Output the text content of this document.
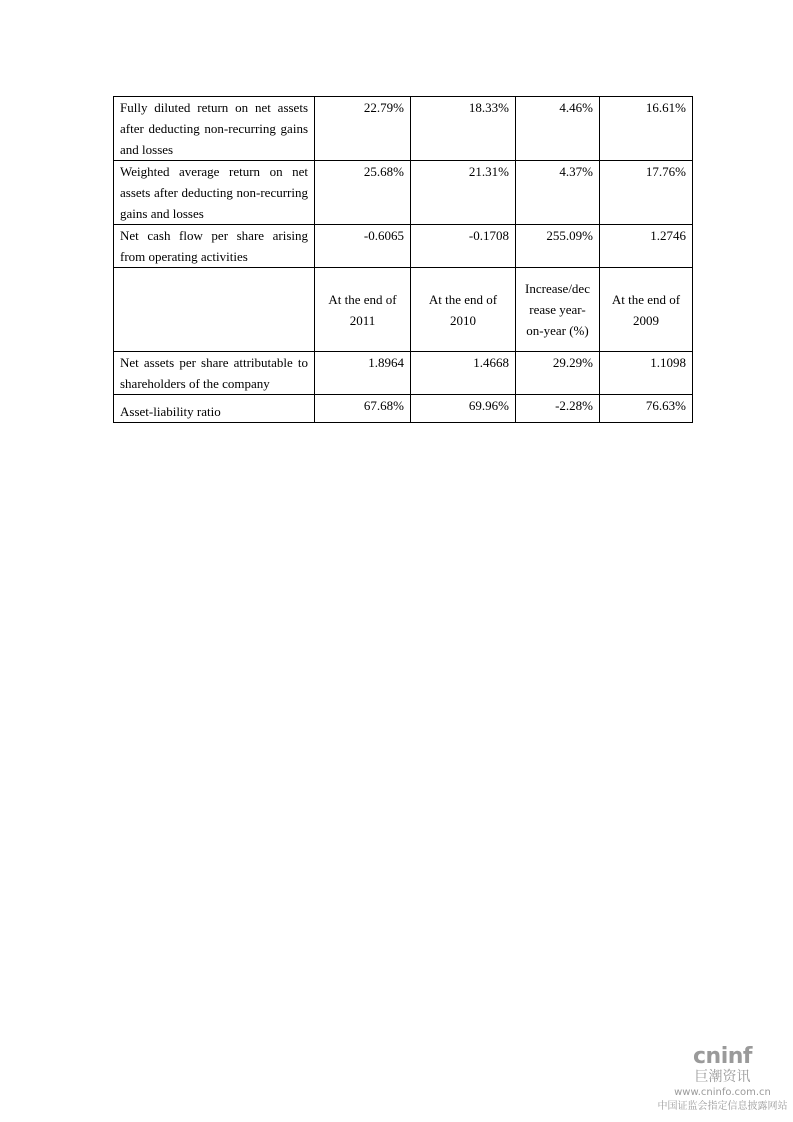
Fully diluted return on net assets after deducting non-recurring gains and losses	22.79%	18.33%	4.46%	16.61%
Weighted average return on net assets after deducting non-recurring gains and losses	25.68%	21.31%	4.37%	17.76%
Net cash flow per share arising from operating activities	-0.6065	-0.1708	255.09%	1.2746
	At the end of 2011	At the end of 2010	Increase/dec rease year-on-year (%)	At the end of 2009
Net assets per share attributable to shareholders of the company	1.8964	1.4668	29.29%	1.1098
Asset-liability ratio	67.68%	69.96%	-2.28%	76.63%
cninf
巨潮资讯
www.cninfo.com.cn
中国证监会指定信息披露网站
